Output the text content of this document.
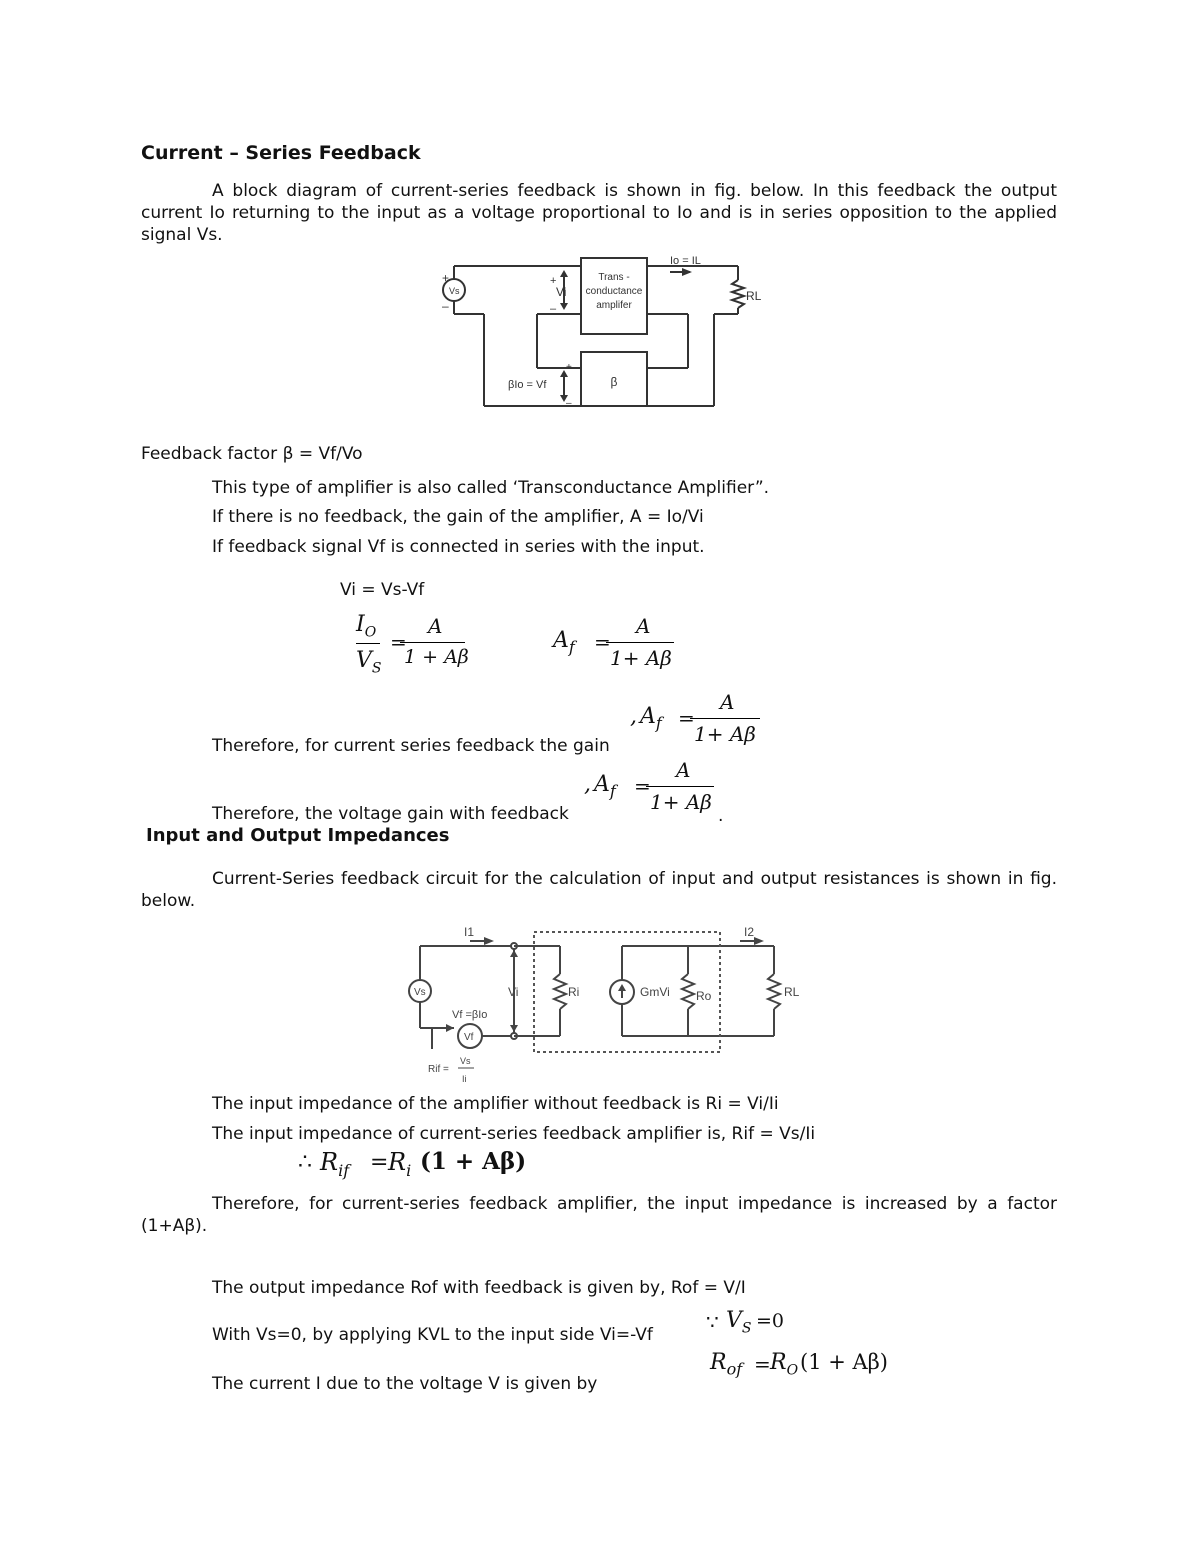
Current – Series Feedback
A block diagram of current-series feedback is shown in fig. below. In this feedback the output current Io returning to the input as a voltage proportional to Io and is in series opposition to the applied signal Vs.
Vs
+
–
+
Vi
–
Trans -
conductance
amplifer
Io = IL
RL
β
βIo = Vf
+
–
Feedback factor β = Vf/Vo
This type of amplifier is also called ‘Transconductance Amplifier”.
If there is no feedback, the gain of the amplifier, A = Io/Vi
If feedback signal Vf is connected in series with the input.
Vi = Vs-Vf
$I_O$
$V_S$
=
A
1 + Aβ
$A_f$ =
A
1+ Aβ
Therefore, for current series feedback the gain
, $A_f$ =
A
1+ Aβ
Therefore, the voltage gain with feedback
, $A_f$ =
A
1+ Aβ
.
Input and Output Impedances
Current-Series feedback circuit for the calculation of input and output resistances is shown in fig. below.
I1	I2
Vs	Vi	Ri	GmVi Ro	RL
Vf =βIo
Vf
Rif =
Vs
Ii
The input impedance of the amplifier without feedback is Ri = Vi/Ii
The input impedance of current-series feedback amplifier is, Rif = Vs/Ii
∴ $R_{if} = R_i$ (1 + Aβ)
Therefore, for current-series feedback amplifier, the input impedance is increased by a factor (1+Aβ).
The output impedance Rof with feedback is given by, Rof = V/I
∵ $V_S =0$
With Vs=0, by applying KVL to the input side Vi=-Vf
$R_{of} = R_O$ (1 + Aβ)
The current I due to the voltage V is given by
